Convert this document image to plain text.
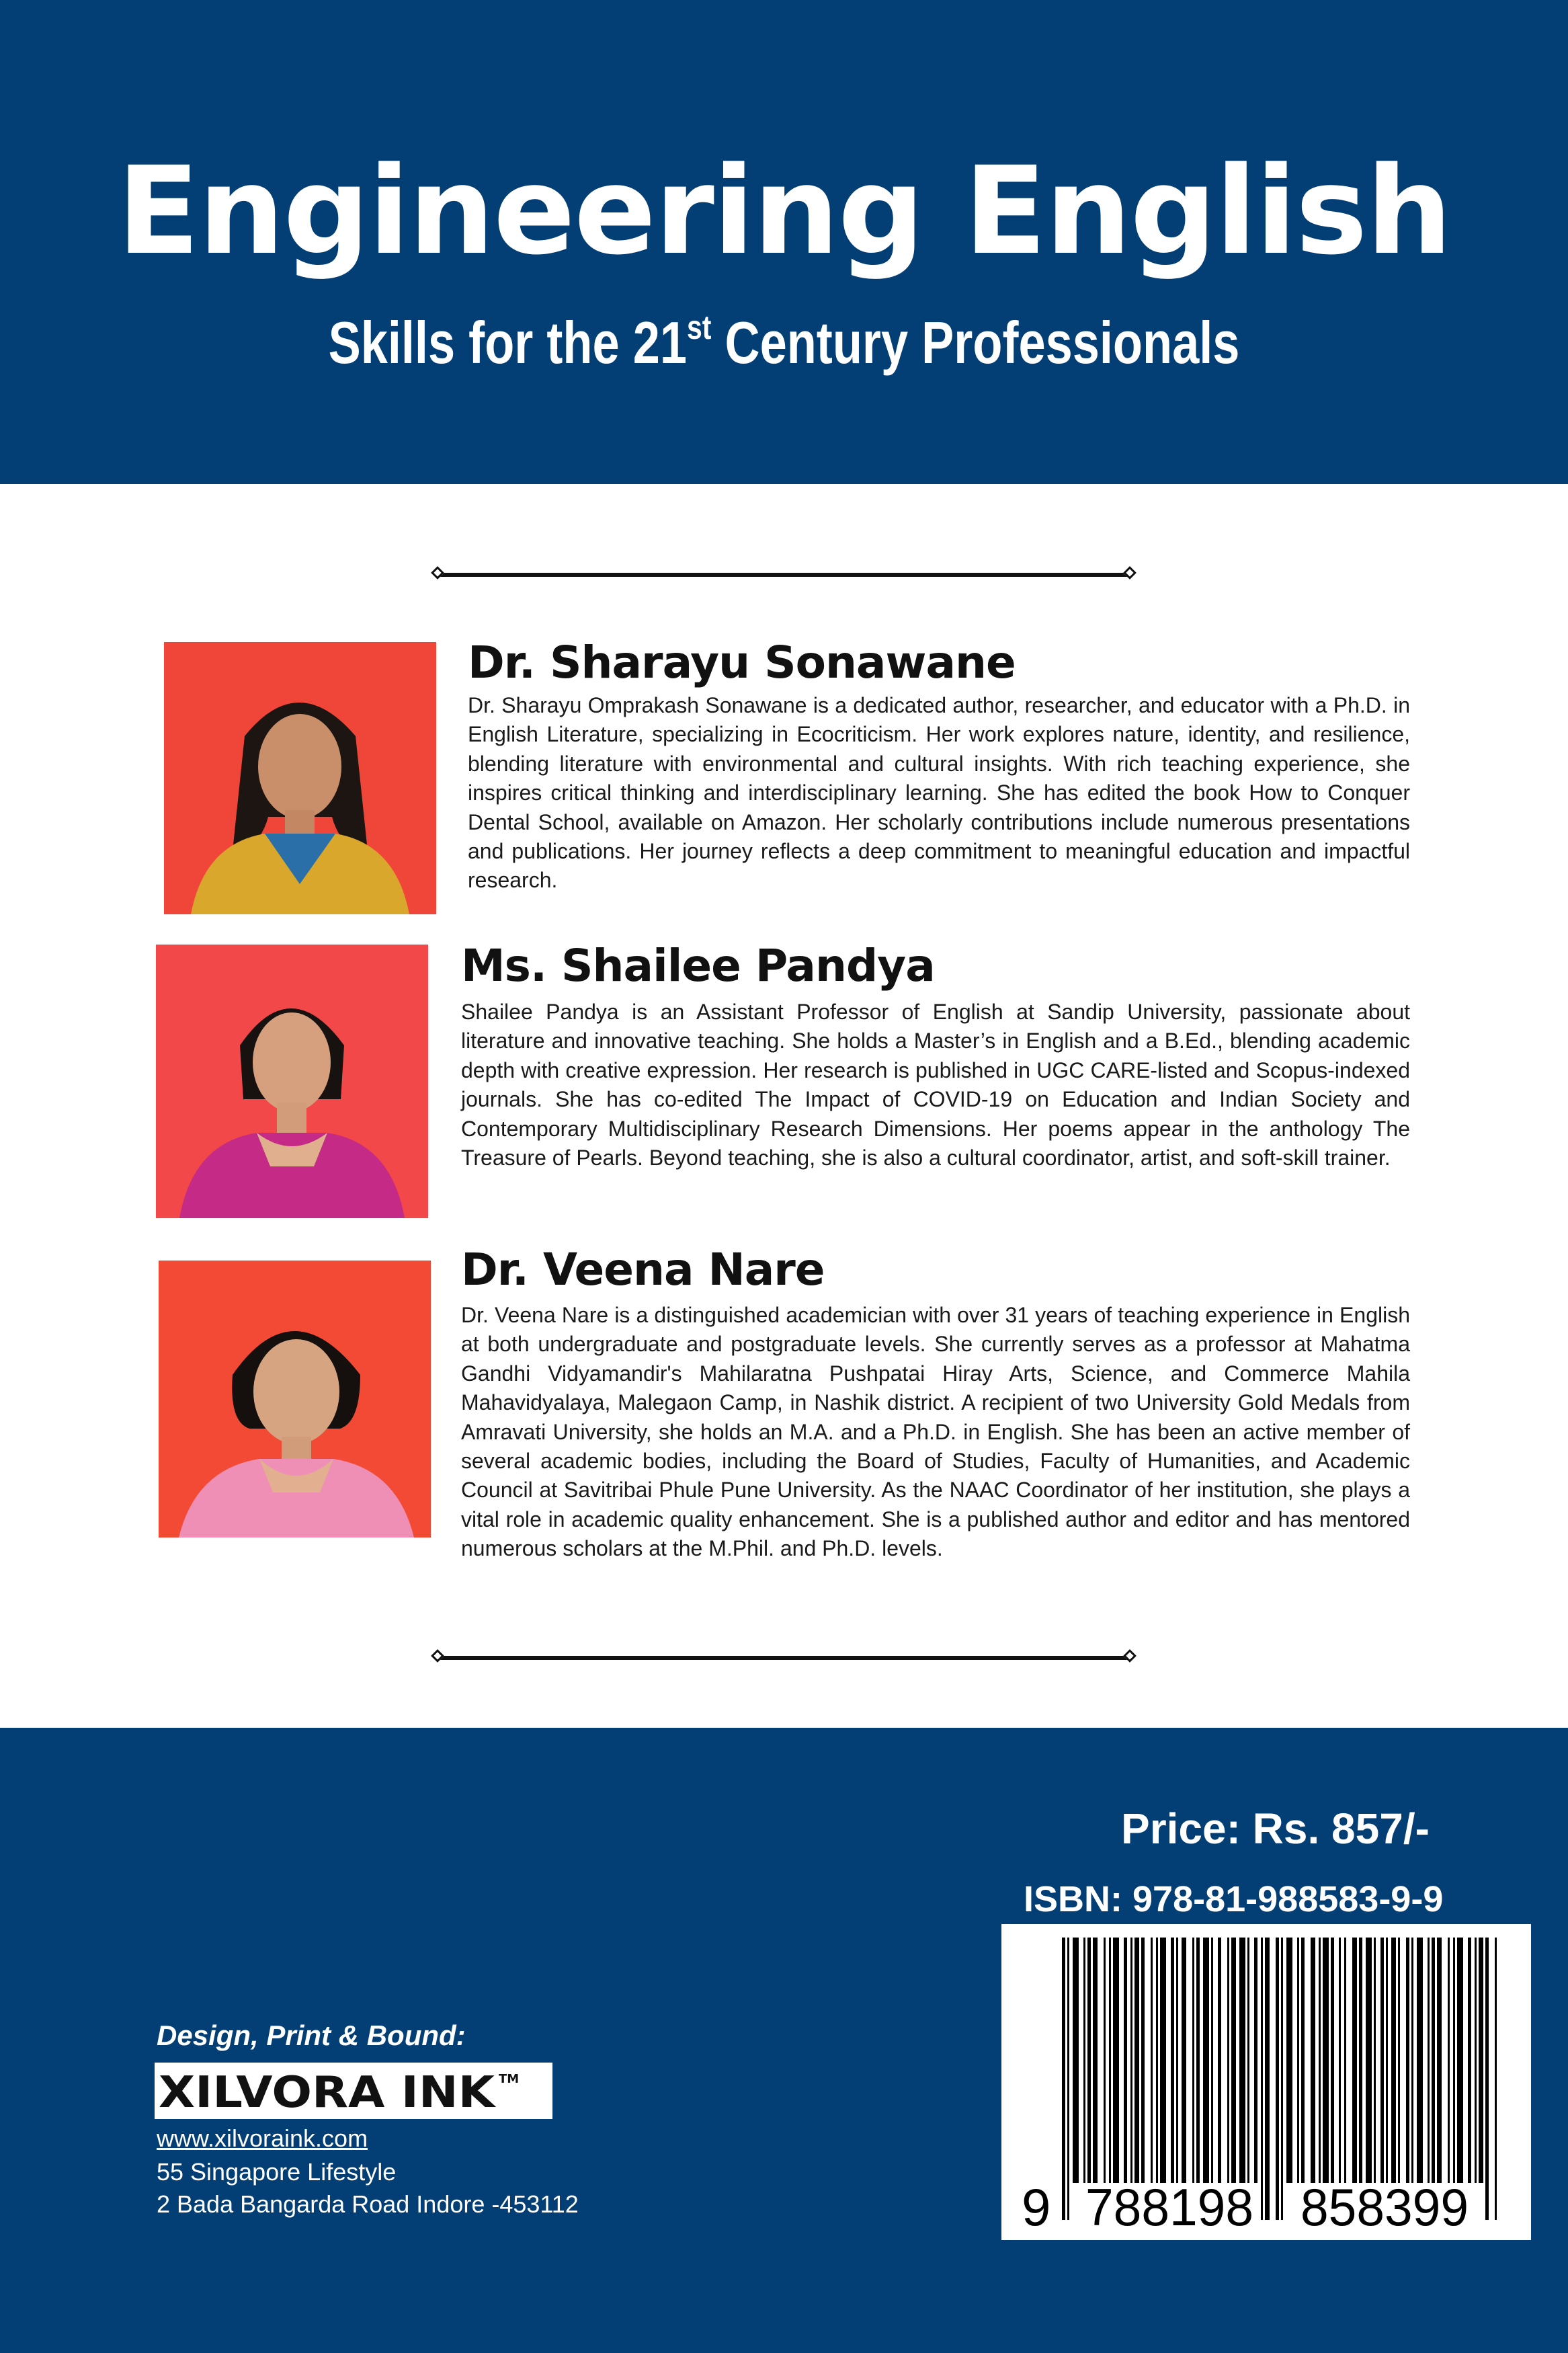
Engineering English
Skills for the 21st Century Professionals
Dr. Sharayu Sonawane

Dr. Sharayu Omprakash Sonawane is a dedicated author, researcher, and educator with a Ph.D. in English Literature, specializing in Ecocriticism. Her work explores nature, identity, and resilience, blending literature with environmental and cultural insights. With rich teaching experience, she inspires critical thinking and interdisciplinary learning. She has edited the book How to Conquer Dental School, available on Amazon. Her scholarly contributions include numerous presentations and publications. Her journey reflects a deep commitment to meaningful education and impactful research.

Ms. Shailee Pandya

Shailee Pandya is an Assistant Professor of English at Sandip University, passionate about literature and innovative teaching. She holds a Master’s in English and a B.Ed., blending academic depth with creative expression. Her research is published in UGC CARE-listed and Scopus-indexed journals. She has co-edited The Impact of COVID-19 on Education and Indian Society and Contemporary Multidisciplinary Research Dimensions. Her poems appear in the anthology The Treasure of Pearls. Beyond teaching, she is also a cultural coordinator, artist, and soft-skill trainer.

Dr. Veena Nare

Dr. Veena Nare is a distinguished academician with over 31 years of teaching experience in English at both undergraduate and postgraduate levels. She currently serves as a professor at Mahatma Gandhi Vidyamandir's Mahilaratna Pushpatai Hiray Arts, Science, and Commerce Mahila Mahavidyalaya, Malegaon Camp, in Nashik district. A recipient of two University Gold Medals from Amravati University, she holds an M.A. and a Ph.D. in English. She has been an active member of several academic bodies, including the Board of Studies, Faculty of Humanities, and Academic Council at Savitribai Phule Pune University. As the NAAC Coordinator of her institution, she plays a vital role in academic quality enhancement. She is a published author and editor and has mentored numerous scholars at the M.Phil. and Ph.D. levels.

Price: Rs. 857/-
ISBN: 978-81-988583-9-9
9 788198 858399
Design, Print & Bound:
XILVORA INK TM
www.xilvoraink.com
55 Singapore Lifestyle
2 Bada Bangarda Road Indore -453112
